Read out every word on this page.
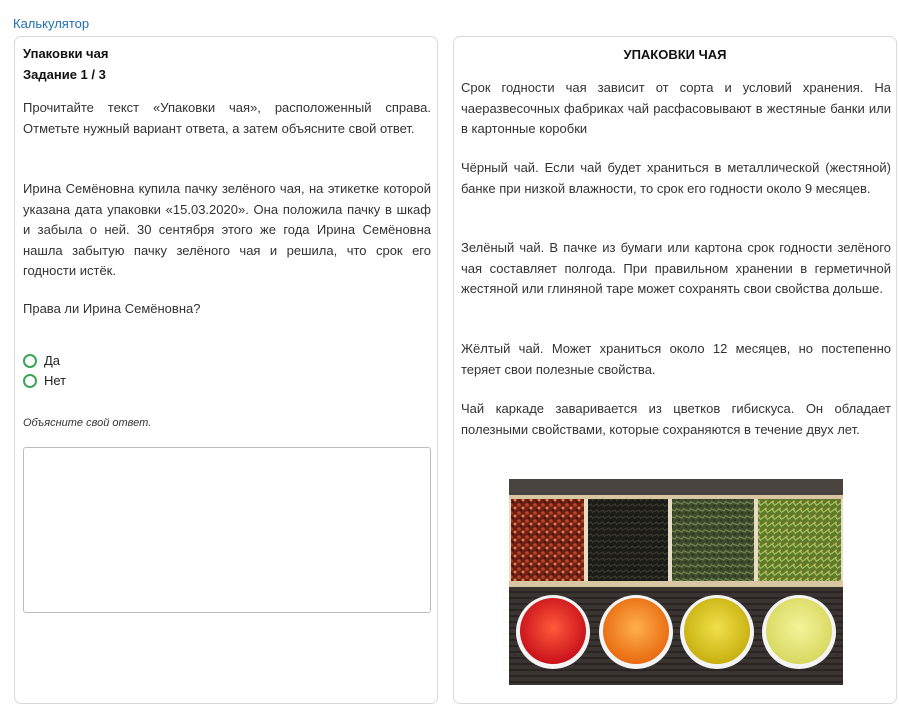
Калькулятор
Упаковки чая
Задание 1 / 3
Прочитайте текст «Упаковки чая», расположенный справа. Отметьте нужный вариант ответа, а затем объясните свой ответ.
Ирина Семёновна купила пачку зелёного чая, на этикетке которой указана дата упаковки «15.03.2020». Она положила пачку в шкаф и забыла о ней. 30 сентября этого же года Ирина Семёновна нашла забытую пачку зелёного чая и решила, что срок его годности истёк.
Права ли Ирина Семёновна?
Да
Нет
Объясните свой ответ.
УПАКОВКИ ЧАЯ
Срок годности чая зависит от сорта и условий хранения. На чаеразвесочных фабриках чай расфасовывают в жестяные банки или в картонные коробки
Чёрный чай. Если чай будет храниться в металлической (жестяной) банке при низкой влажности, то срок его годности около 9 месяцев.
Зелёный чай. В пачке из бумаги или картона срок годности зелёного чая составляет полгода. При правильном хранении в герметичной жестяной или глиняной таре может сохранять свои свойства дольше.
Жёлтый чай. Может храниться около 12 месяцев, но постепенно теряет свои полезные свойства.
Чай каркаде заваривается из цветков гибискуса. Он обладает полезными свойствами, которые сохраняются в течение двух лет.
